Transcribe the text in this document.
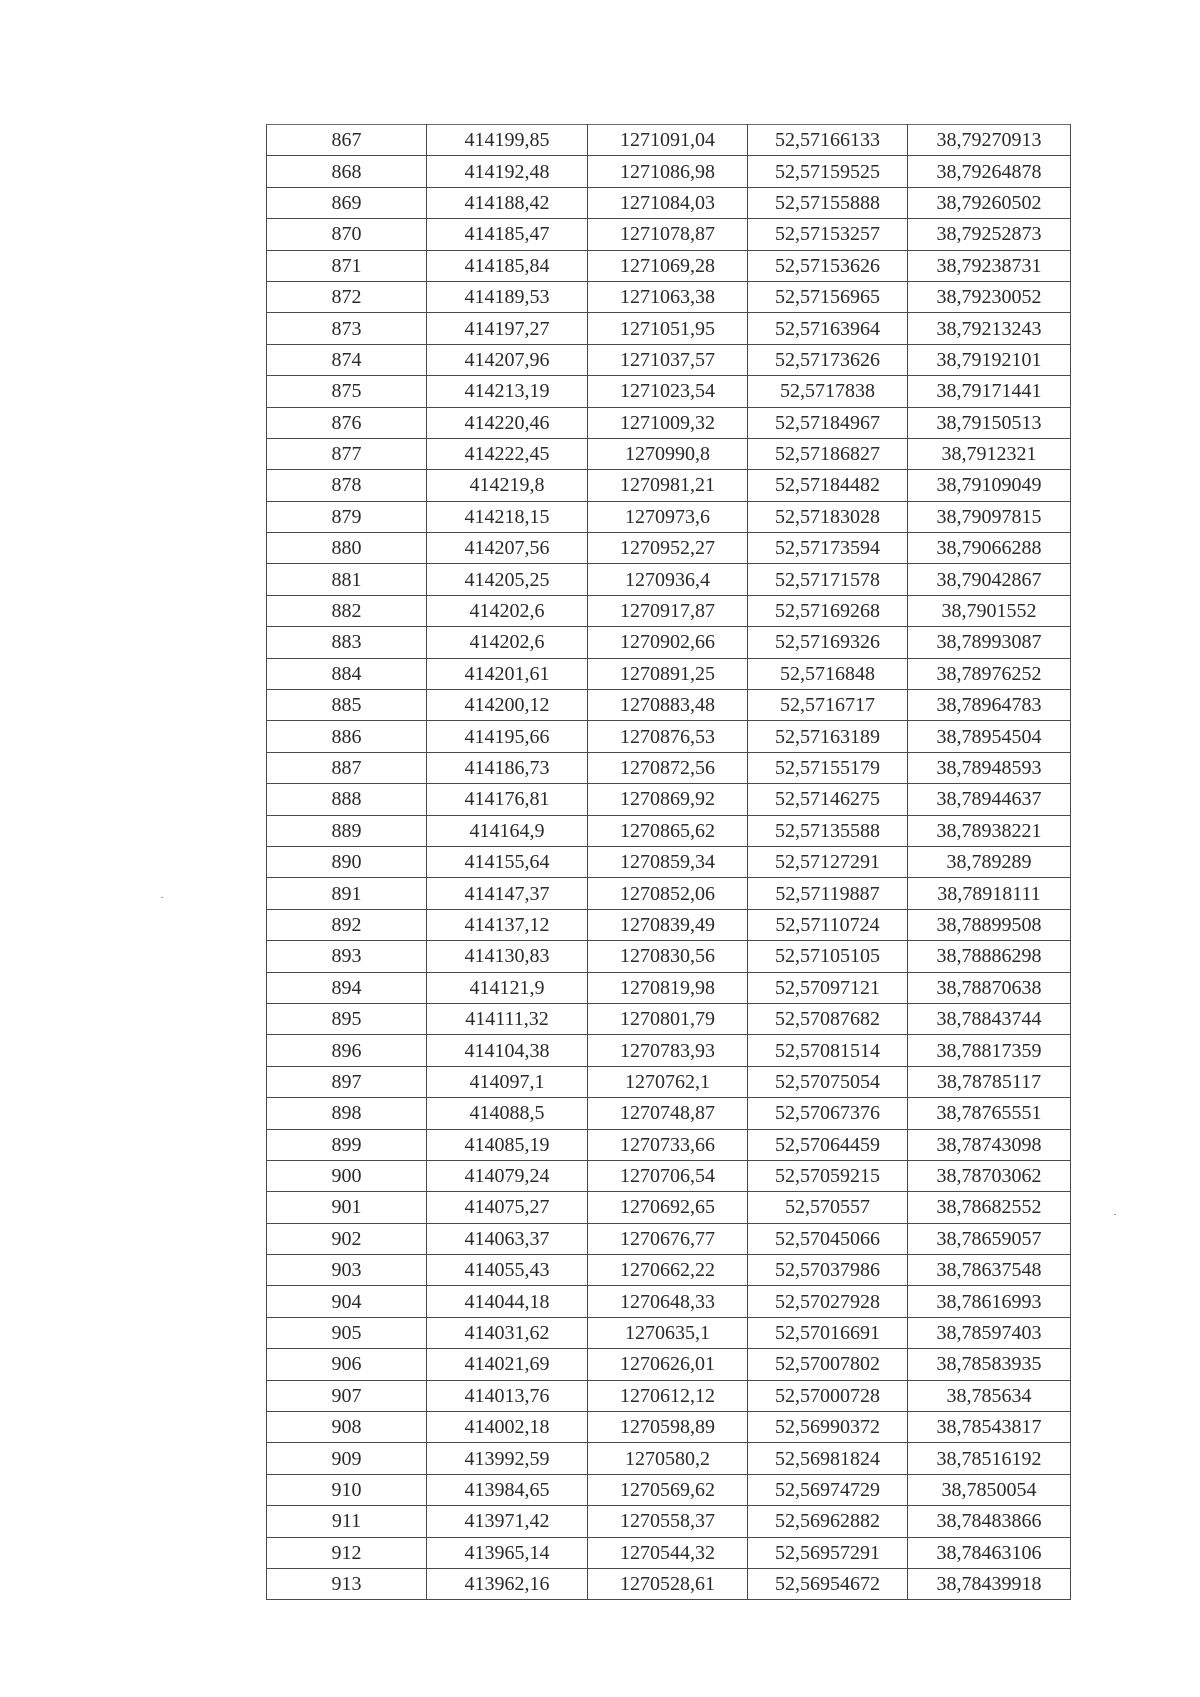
867	414199,85	1271091,04	52,57166133	38,79270913
868	414192,48	1271086,98	52,57159525	38,79264878
869	414188,42	1271084,03	52,57155888	38,79260502
870	414185,47	1271078,87	52,57153257	38,79252873
871	414185,84	1271069,28	52,57153626	38,79238731
872	414189,53	1271063,38	52,57156965	38,79230052
873	414197,27	1271051,95	52,57163964	38,79213243
874	414207,96	1271037,57	52,57173626	38,79192101
875	414213,19	1271023,54	52,5717838	38,79171441
876	414220,46	1271009,32	52,57184967	38,79150513
877	414222,45	1270990,8	52,57186827	38,7912321
878	414219,8	1270981,21	52,57184482	38,79109049
879	414218,15	1270973,6	52,57183028	38,79097815
880	414207,56	1270952,27	52,57173594	38,79066288
881	414205,25	1270936,4	52,57171578	38,79042867
882	414202,6	1270917,87	52,57169268	38,7901552
883	414202,6	1270902,66	52,57169326	38,78993087
884	414201,61	1270891,25	52,5716848	38,78976252
885	414200,12	1270883,48	52,5716717	38,78964783
886	414195,66	1270876,53	52,57163189	38,78954504
887	414186,73	1270872,56	52,57155179	38,78948593
888	414176,81	1270869,92	52,57146275	38,78944637
889	414164,9	1270865,62	52,57135588	38,78938221
890	414155,64	1270859,34	52,57127291	38,789289
891	414147,37	1270852,06	52,57119887	38,78918111
892	414137,12	1270839,49	52,57110724	38,78899508
893	414130,83	1270830,56	52,57105105	38,78886298
894	414121,9	1270819,98	52,57097121	38,78870638
895	414111,32	1270801,79	52,57087682	38,78843744
896	414104,38	1270783,93	52,57081514	38,78817359
897	414097,1	1270762,1	52,57075054	38,78785117
898	414088,5	1270748,87	52,57067376	38,78765551
899	414085,19	1270733,66	52,57064459	38,78743098
900	414079,24	1270706,54	52,57059215	38,78703062
901	414075,27	1270692,65	52,570557	38,78682552
902	414063,37	1270676,77	52,57045066	38,78659057
903	414055,43	1270662,22	52,57037986	38,78637548
904	414044,18	1270648,33	52,57027928	38,78616993
905	414031,62	1270635,1	52,57016691	38,78597403
906	414021,69	1270626,01	52,57007802	38,78583935
907	414013,76	1270612,12	52,57000728	38,785634
908	414002,18	1270598,89	52,56990372	38,78543817
909	413992,59	1270580,2	52,56981824	38,78516192
910	413984,65	1270569,62	52,56974729	38,7850054
911	413971,42	1270558,37	52,56962882	38,78483866
912	413965,14	1270544,32	52,56957291	38,78463106
913	413962,16	1270528,61	52,56954672	38,78439918
